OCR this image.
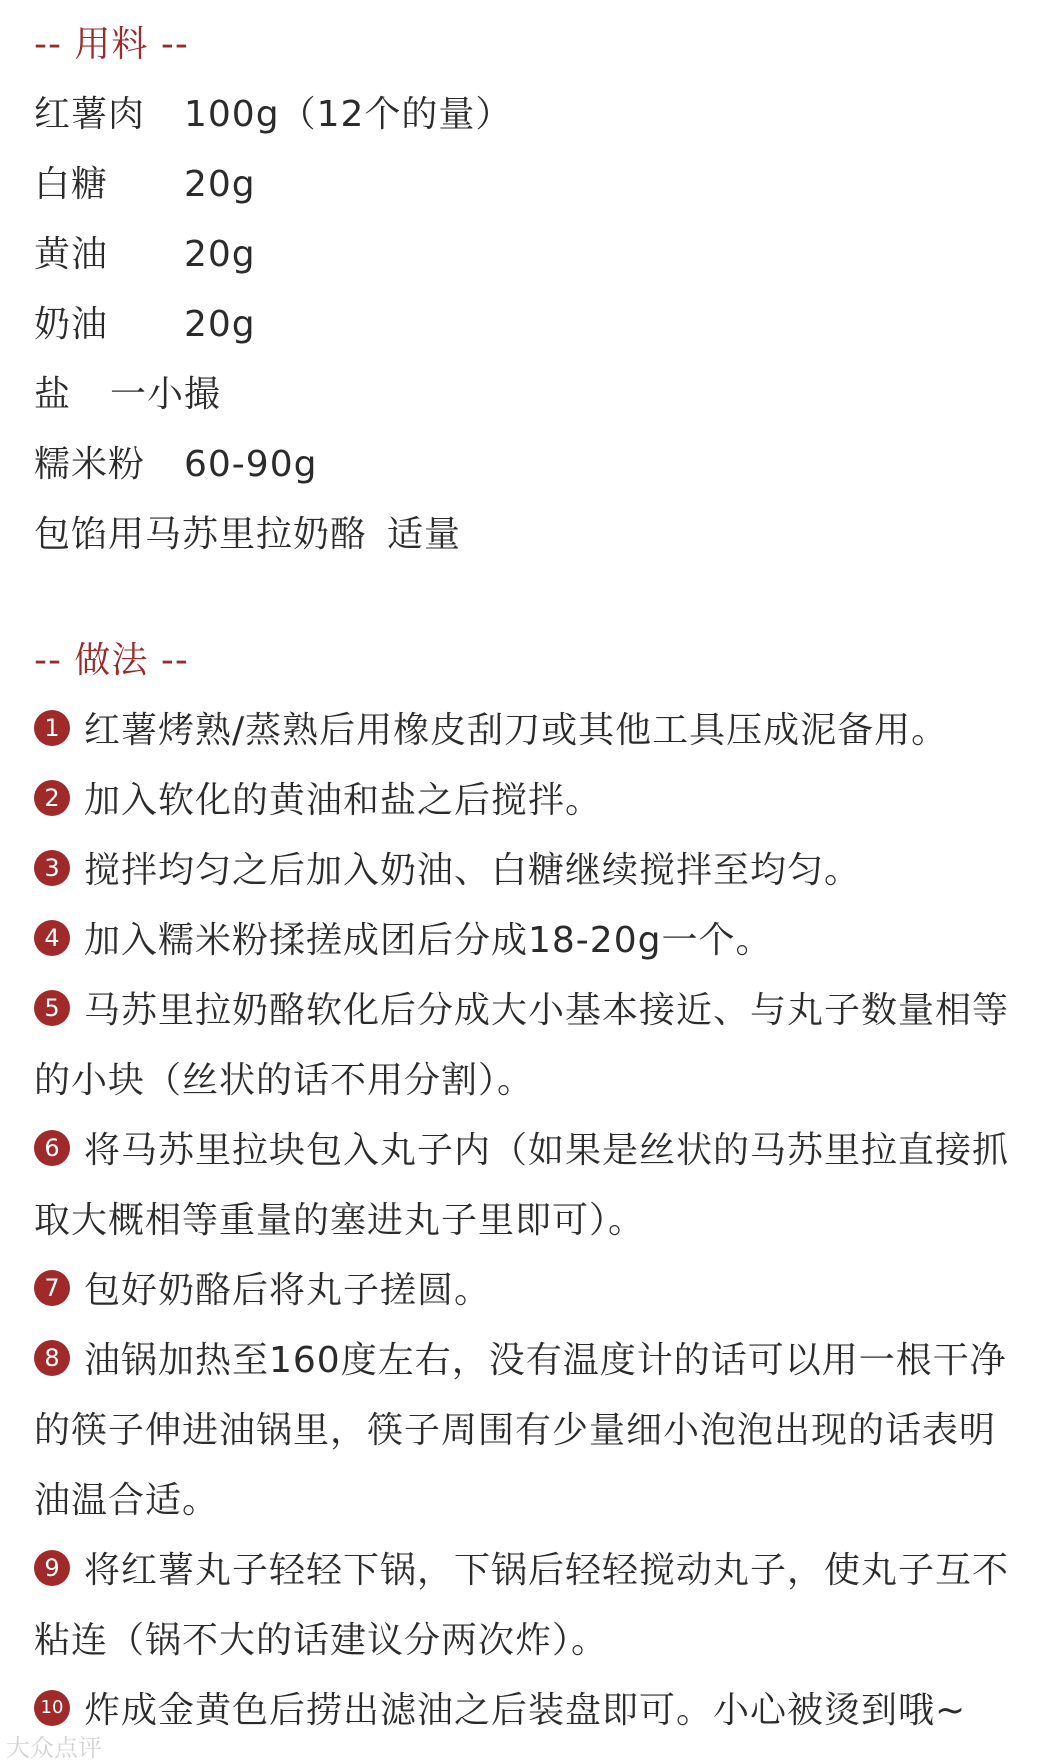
-- 用料 --
红薯肉 100g（12个的量）
白糖 20g
黄油 20g
奶油 20g
盐 一小撮
糯米粉 60-90g
包馅用马苏里拉奶酪 适量
-- 做法 --
1 红薯烤熟/蒸熟后用橡皮刮刀或其他工具压成泥备用。
2 加入软化的黄油和盐之后搅拌。
3 搅拌均匀之后加入奶油、白糖继续搅拌至均匀。
4 加入糯米粉揉搓成团后分成18-20g一个。
5 马苏里拉奶酪软化后分成大小基本接近、与丸子数量相等的小块（丝状的话不用分割）。
6 将马苏里拉块包入丸子内（如果是丝状的马苏里拉直接抓取大概相等重量的塞进丸子里即可）。
7 包好奶酪后将丸子搓圆。
8 油锅加热至160度左右，没有温度计的话可以用一根干净的筷子伸进油锅里，筷子周围有少量细小泡泡出现的话表明油温合适。
9 将红薯丸子轻轻下锅，下锅后轻轻搅动丸子，使丸子互不粘连（锅不大的话建议分两次炸）。
10 炸成金黄色后捞出滤油之后装盘即可。小心被烫到哦~
大众点评
